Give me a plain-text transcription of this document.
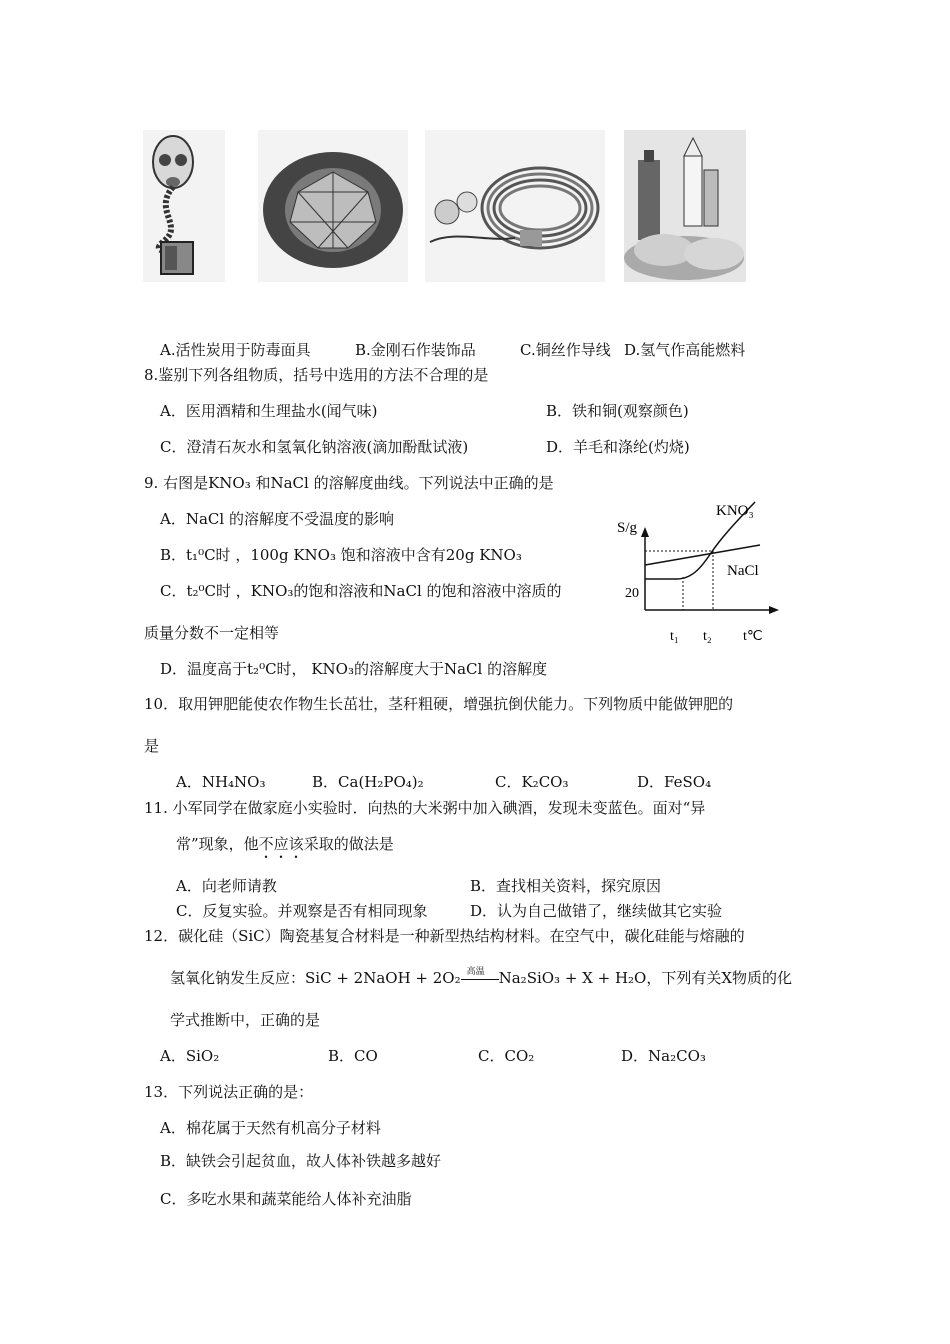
A.活性炭用于防毒面具	B.金刚石作装饰品	C.铜丝作导线 D.氢气作高能燃料
8.鉴别下列各组物质，括号中选用的方法不合理的是
A．医用酒精和生理盐水(闻气味)	B．铁和铜(观察颜色)
C．澄清石灰水和氢氧化钠溶液(滴加酚酞试液)	D．羊毛和涤纶(灼烧)
9. 右图是KNO₃ 和NaCl 的溶解度曲线。下列说法中正确的是
A．NaCl 的溶解度不受温度的影响
B．t₁⁰C时 ，100g KNO₃ 饱和溶液中含有20g KNO₃
C．t₂⁰C时 ，KNO₃的饱和溶液和NaCl 的饱和溶液中溶质的
质量分数不一定相等
D．温度高于t₂⁰C时， KNO₃的溶解度大于NaCl 的溶解度
S/g
20
KNO₃
NaCl
t₁ t₂ t℃
10．取用钾肥能使农作物生长茁壮，茎秆粗硬，增强抗倒伏能力。下列物质中能做钾肥的
是
A．NH₄NO₃	B．Ca(H₂PO₄)₂	C．K₂CO₃	D．FeSO₄
11. 小军同学在做家庭小实验时．向热的大米粥中加入碘酒，发现未变蓝色。面对“异
常”现象，他不应该采取的做法是
A．向老师请教	B．查找相关资料，探究原因
C．反复实验。并观察是否有相同现象	D．认为自己做错了，继续做其它实验
12．碳化硅（SiC）陶瓷基复合材料是一种新型热结构材料。在空气中，碳化硅能与熔融的
氢氧化钠发生反应：SiC + 2NaOH + 2O₂ 高温 Na₂SiO₃ + X + H₂O，下列有关X物质的化
学式推断中，正确的是
A．SiO₂	B．CO	C．CO₂	D．Na₂CO₃
13．下列说法正确的是：
A．棉花属于天然有机高分子材料
B．缺铁会引起贫血，故人体补铁越多越好
C．多吃水果和蔬菜能给人体补充油脂
